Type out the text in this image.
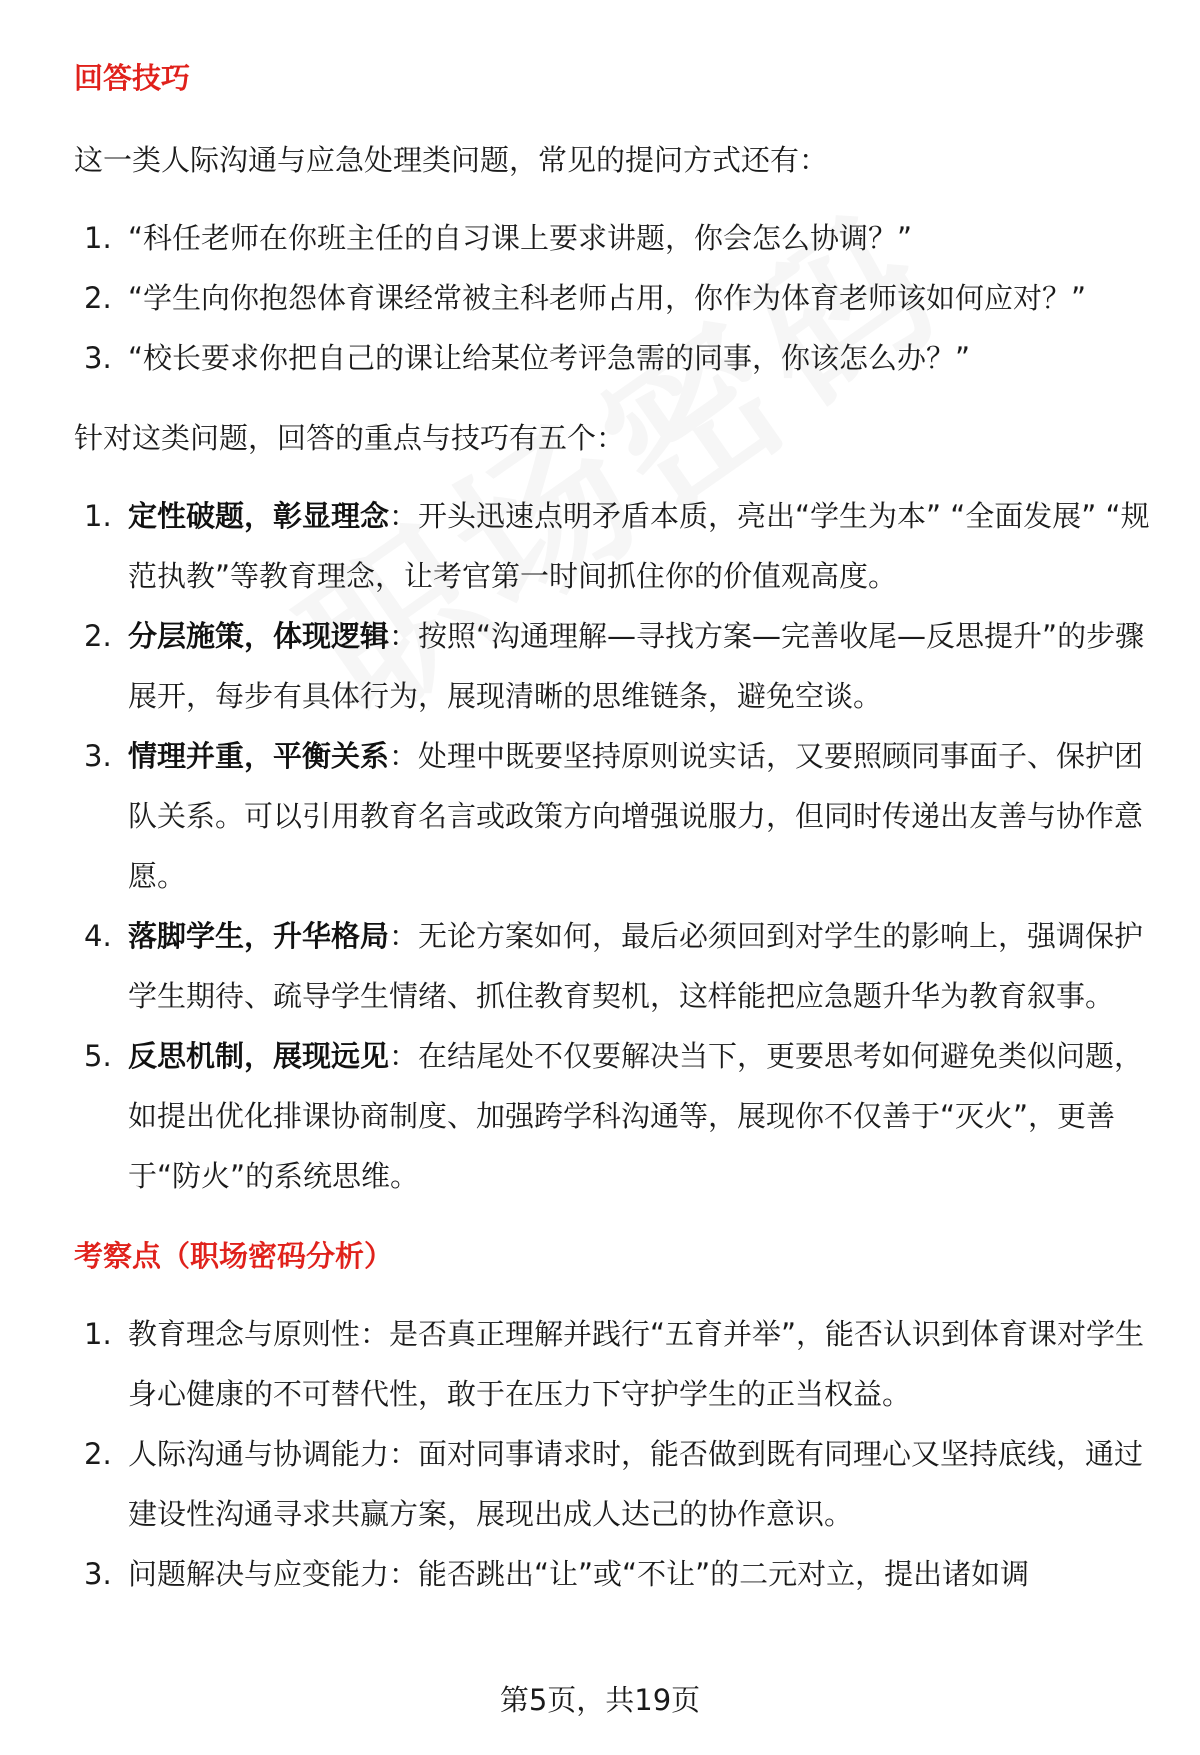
回答技巧

这一类人际沟通与应急处理类问题，常见的提问方式还有：

1. “科任老师在你班主任的自习课上要求讲题，你会怎么协调？”
2. “学生向你抱怨体育课经常被主科老师占用，你作为体育老师该如何应对？”
3. “校长要求你把自己的课让给某位考评急需的同事，你该怎么办？”

针对这类问题，回答的重点与技巧有五个：

1. 定性破题，彰显理念：开头迅速点明矛盾本质，亮出“学生为本” “全面发展” “规范执教”等教育理念，让考官第一时间抓住你的价值观高度。
2. 分层施策，体现逻辑：按照“沟通理解—寻找方案—完善收尾—反思提升”的步骤展开，每步有具体行为，展现清晰的思维链条，避免空谈。
3. 情理并重，平衡关系：处理中既要坚持原则说实话，又要照顾同事面子、保护团队关系。可以引用教育名言或政策方向增强说服力，但同时传递出友善与协作意愿。
4. 落脚学生，升华格局：无论方案如何，最后必须回到对学生的影响上，强调保护学生期待、疏导学生情绪、抓住教育契机，这样能把应急题升华为教育叙事。
5. 反思机制，展现远见：在结尾处不仅要解决当下，更要思考如何避免类似问题，如提出优化排课协商制度、加强跨学科沟通等，展现你不仅善于“灭火”，更善于“防火”的系统思维。
考察点（职场密码分析）
1. 教育理念与原则性：是否真正理解并践行“五育并举”，能否认识到体育课对学生身心健康的不可替代性，敢于在压力下守护学生的正当权益。
2. 人际沟通与协调能力：面对同事请求时，能否做到既有同理心又坚持底线，通过建设性沟通寻求共赢方案，展现出成人达己的协作意识。
3. 问题解决与应变能力：能否跳出“让”或“不让”的二元对立，提出诸如调
第5页，共19页
